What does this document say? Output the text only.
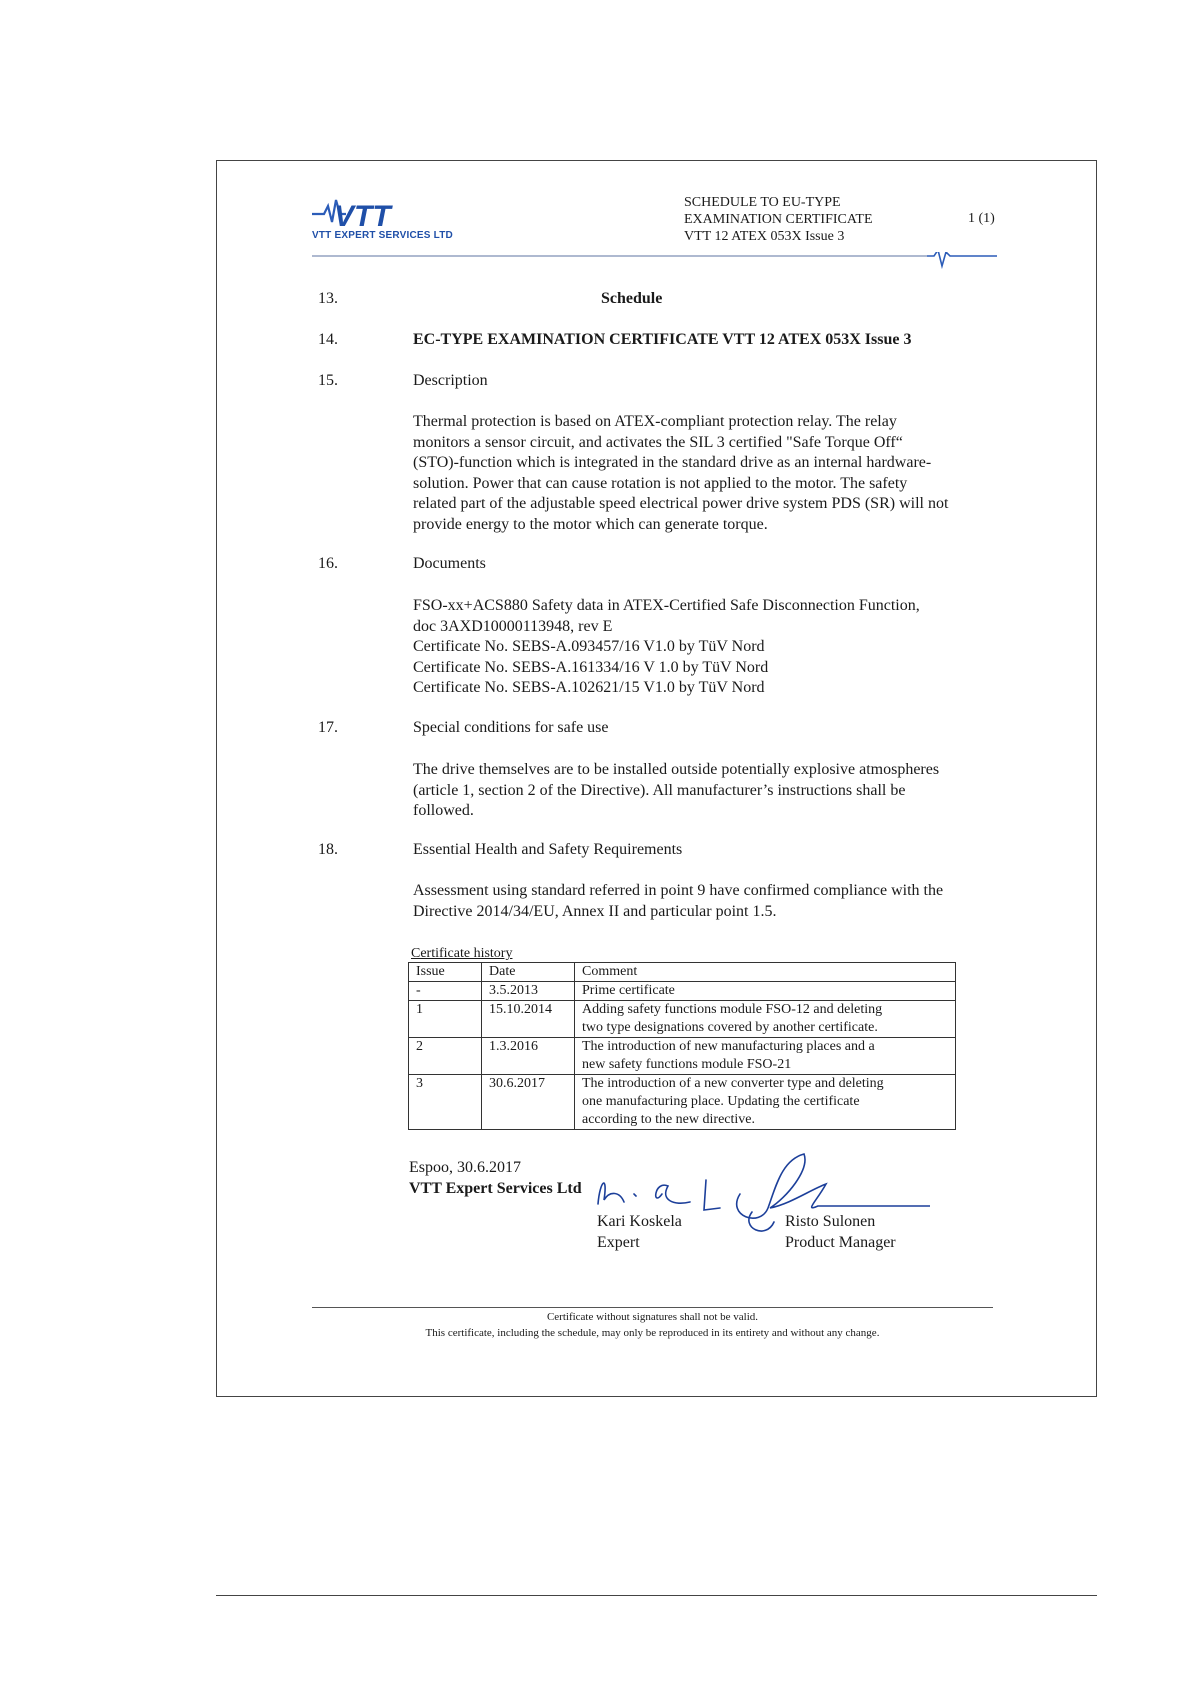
VTT
VTT EXPERT SERVICES LTD
SCHEDULE TO EU-TYPE
EXAMINATION CERTIFICATE
VTT 12 ATEX 053X Issue 3
1 (1)
13.	Schedule
14.	EC-TYPE EXAMINATION CERTIFICATE VTT 12 ATEX 053X Issue 3
15.	Description
Thermal protection is based on ATEX-compliant protection relay. The relay
monitors a sensor circuit, and activates the SIL 3 certified "Safe Torque Off“
(STO)-function which is integrated in the standard drive as an internal hardware-
solution. Power that can cause rotation is not applied to the motor. The safety
related part of the adjustable speed electrical power drive system PDS (SR) will not
provide energy to the motor which can generate torque.
16.	Documents
FSO-xx+ACS880 Safety data in ATEX-Certified Safe Disconnection Function,
doc 3AXD10000113948, rev E
Certificate No. SEBS-A.093457/16 V1.0 by TüV Nord
Certificate No. SEBS-A.161334/16 V 1.0 by TüV Nord
Certificate No. SEBS-A.102621/15 V1.0 by TüV Nord
17.	Special conditions for safe use
The drive themselves are to be installed outside potentially explosive atmospheres
(article 1, section 2 of the Directive). All manufacturer’s instructions shall be
followed.
18.	Essential Health and Safety Requirements
Assessment using standard referred in point 9 have confirmed compliance with the
Directive 2014/34/EU, Annex II and particular point 1.5.
Certificate history
Issue	Date	Comment
-	3.5.2013	Prime certificate

1	15.10.2014	Adding safety functions module FSO-12 and deleting
two type designations covered by another certificate.

2	1.3.2016	The introduction of new manufacturing places and a
new safety functions module FSO-21

3	30.6.2017	The introduction of a new converter type and deleting
one manufacturing place. Updating the certificate
according to the new directive.
Espoo, 30.6.2017
VTT Expert Services Ltd
Kari Koskela
Expert
Risto Sulonen
Product Manager
Certificate without signatures shall not be valid.
This certificate, including the schedule, may only be reproduced in its entirety and without any change.
